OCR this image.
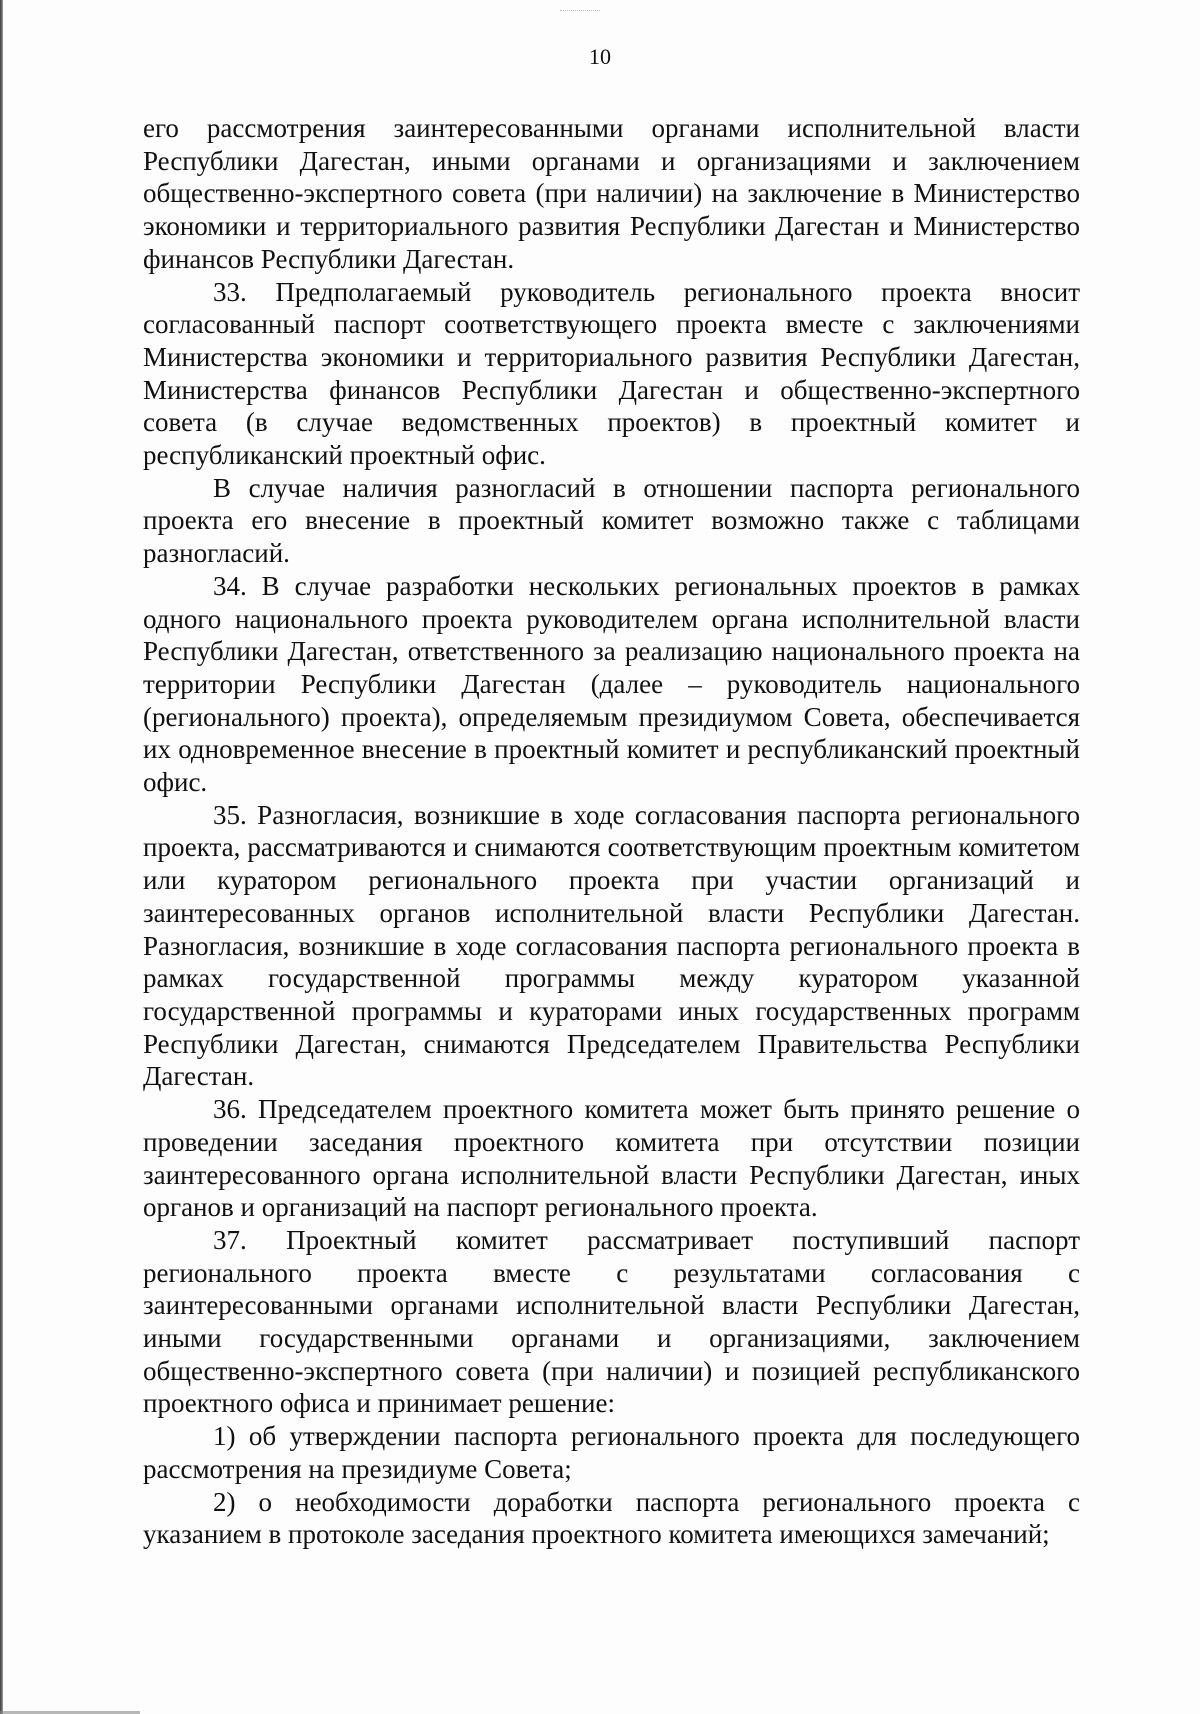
10

его рассмотрения заинтересованными органами исполнительной власти Республики Дагестан, иными органами и организациями и заключением общественно-экспертного совета (при наличии) на заключение в Министерство экономики и территориального развития Республики Дагестан и Министерство финансов Республики Дагестан.

33. Предполагаемый руководитель регионального проекта вносит согласованный паспорт соответствующего проекта вместе с заключениями Министерства экономики и территориального развития Республики Дагестан, Министерства финансов Республики Дагестан и общественно-экспертного совета (в случае ведомственных проектов) в проектный комитет и республиканский проектный офис.

В случае наличия разногласий в отношении паспорта регионального проекта его внесение в проектный комитет возможно также с таблицами разногласий.

34. В случае разработки нескольких региональных проектов в рамках одного национального проекта руководителем органа исполнительной власти Республики Дагестан, ответственного за реализацию национального проекта на территории Республики Дагестан (далее – руководитель национального (регионального) проекта), определяемым президиумом Совета, обеспечивается их одновременное внесение в проектный комитет и республиканский проектный офис.

35. Разногласия, возникшие в ходе согласования паспорта регионального проекта, рассматриваются и снимаются соответствующим проектным комитетом или куратором регионального проекта при участии организаций и заинтересованных органов исполнительной власти Республики Дагестан. Разногласия, возникшие в ходе согласования паспорта регионального проекта в рамках государственной программы между куратором указанной государственной программы и кураторами иных государственных программ Республики Дагестан, снимаются Председателем Правительства Республики Дагестан.

36. Председателем проектного комитета может быть принято решение о проведении заседания проектного комитета при отсутствии позиции заинтересованного органа исполнительной власти Республики Дагестан, иных органов и организаций на паспорт регионального проекта.

37. Проектный комитет рассматривает поступивший паспорт регионального проекта вместе с результатами согласования с заинтересованными органами исполнительной власти Республики Дагестан, иными государственными органами и организациями, заключением общественно-экспертного совета (при наличии) и позицией республиканского проектного офиса и принимает решение:

1) об утверждении паспорта регионального проекта для последующего рассмотрения на президиуме Совета;

2) о необходимости доработки паспорта регионального проекта с указанием в протоколе заседания проектного комитета имеющихся замечаний;
